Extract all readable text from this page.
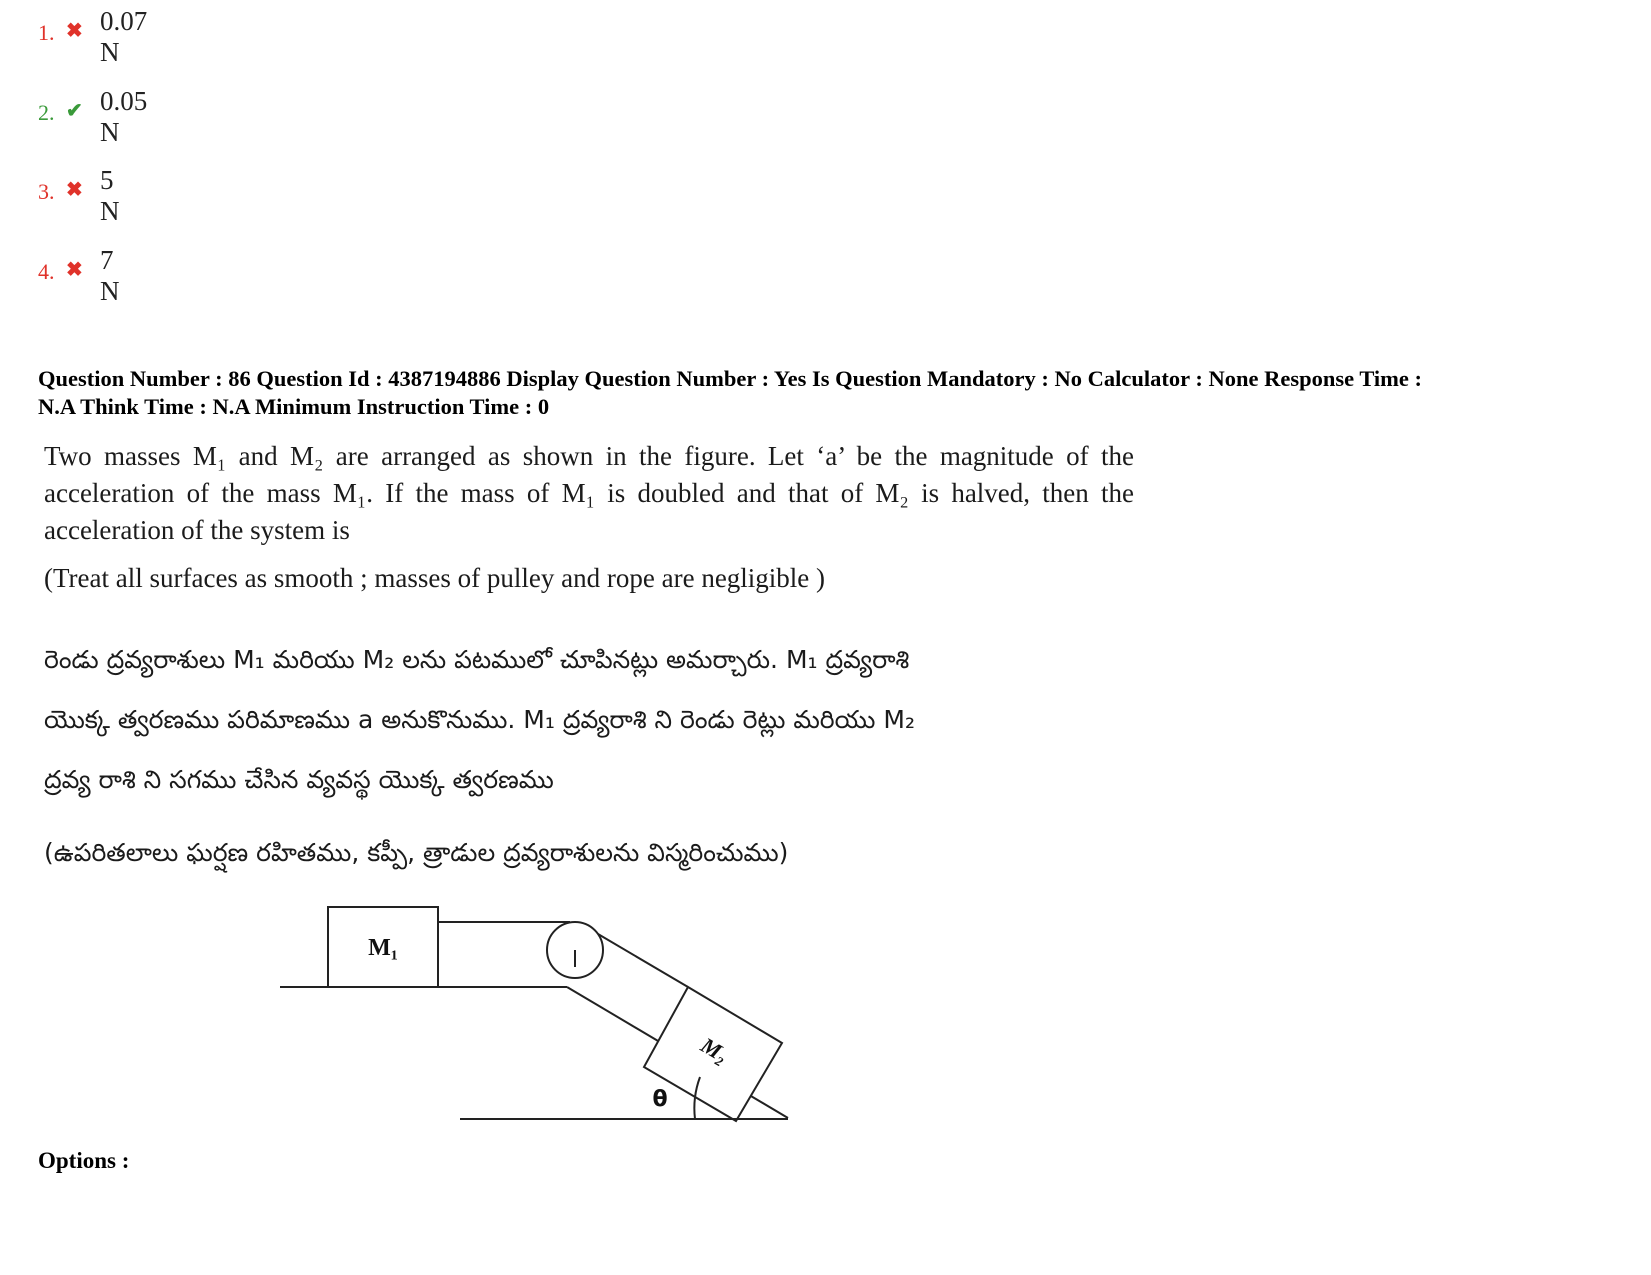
1. ✖ 0.07 N
2. ✔ 0.05 N
3. ✖ 5 N
4. ✖ 7 N
Question Number : 86 Question Id : 4387194886 Display Question Number : Yes Is Question Mandatory : No Calculator : None Response Time :
N.A Think Time : N.A Minimum Instruction Time : 0
Two masses M₁ and M₂ are arranged as shown in the figure. Let ‘a’ be the magnitude of the acceleration of the mass M₁. If the mass of M₁ is doubled and that of M₂ is halved, then the acceleration of the system is
(Treat all surfaces as smooth ; masses of pulley and rope are negligible )
రెండు ద్రవ్యరాశులు M₁ మరియు M₂ లను పటములో చూపినట్లు అమర్చారు. M₁ ద్రవ్యరాశి
యొక్క త్వరణము పరిమాణము a అనుకొనుము. M₁ ద్రవ్యరాశి ని రెండు రెట్లు మరియు M₂
ద్రవ్య రాశి ని సగము చేసిన వ్యవస్థ యొక్క త్వరణము
(ఉపరితలాలు ఘర్షణ రహితము, కప్పీ, త్రాడుల ద్రవ్యరాశులను విస్మరించుము)
M₁
M₂
θ
Options :
